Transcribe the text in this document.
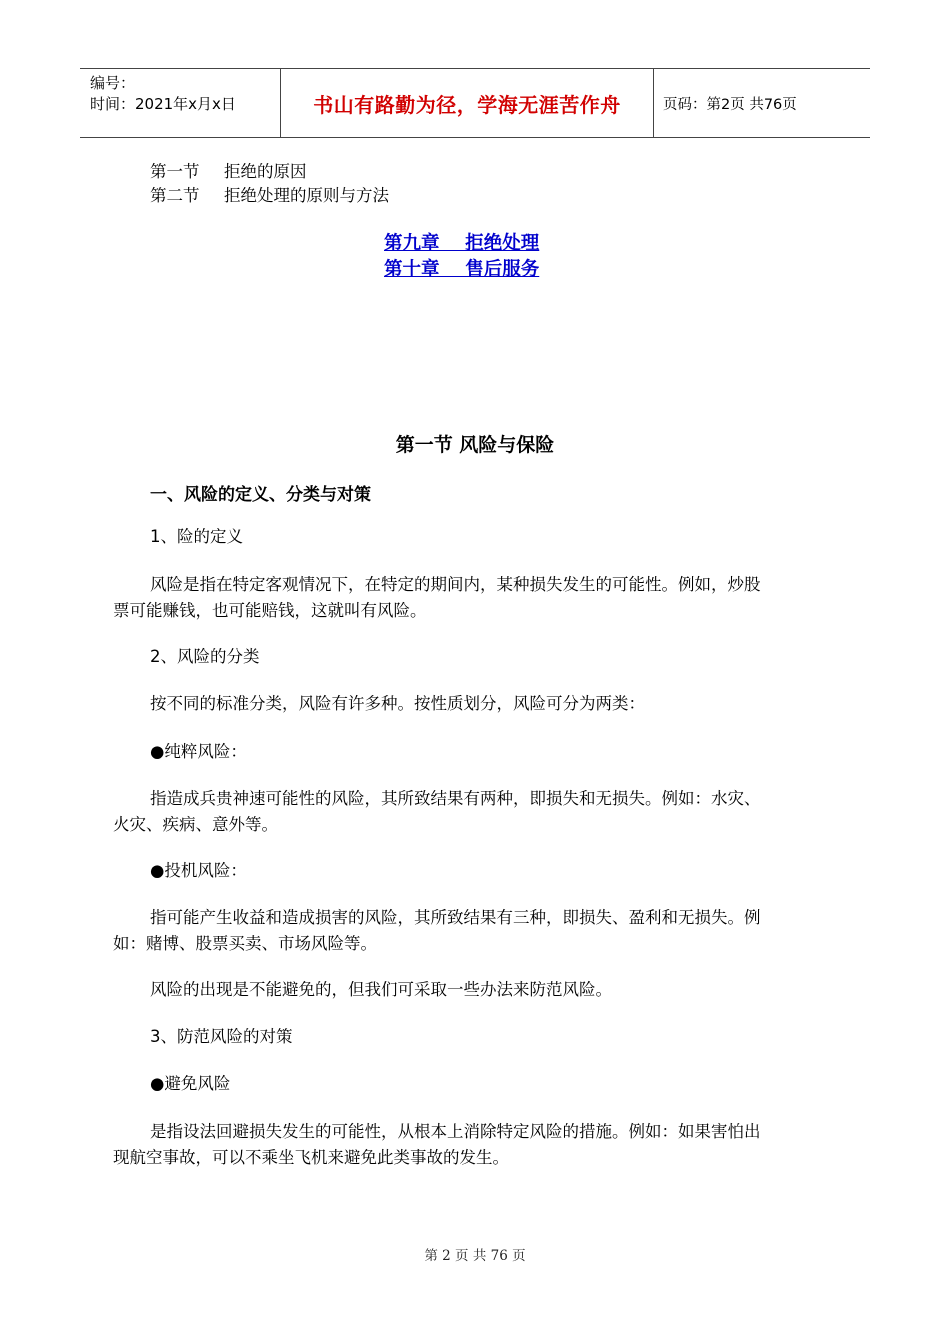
编号：
时间：2021年x月x日	书山有路勤为径，学海无涯苦作舟	页码：第2页 共76页
第一节 拒绝的原因
第二节 拒绝处理的原则与方法
第九章    拒绝处理
第十章    售后服务
第一节 风险与保险
一、风险的定义、分类与对策
1、险的定义
风险是指在特定客观情况下，在特定的期间内，某种损失发生的可能性。例如，炒股
票可能赚钱，也可能赔钱，这就叫有风险。
2、风险的分类
按不同的标准分类，风险有许多种。按性质划分，风险可分为两类：
●纯粹风险：
指造成兵贵神速可能性的风险，其所致结果有两种，即损失和无损失。例如：水灾、
火灾、疾病、意外等。
●投机风险：
指可能产生收益和造成损害的风险，其所致结果有三种，即损失、盈利和无损失。例
如：赌博、股票买卖、市场风险等。
风险的出现是不能避免的，但我们可采取一些办法来防范风险。
3、防范风险的对策
●避免风险
是指设法回避损失发生的可能性，从根本上消除特定风险的措施。例如：如果害怕出
现航空事故，可以不乘坐飞机来避免此类事故的发生。
第 2 页 共 76 页
